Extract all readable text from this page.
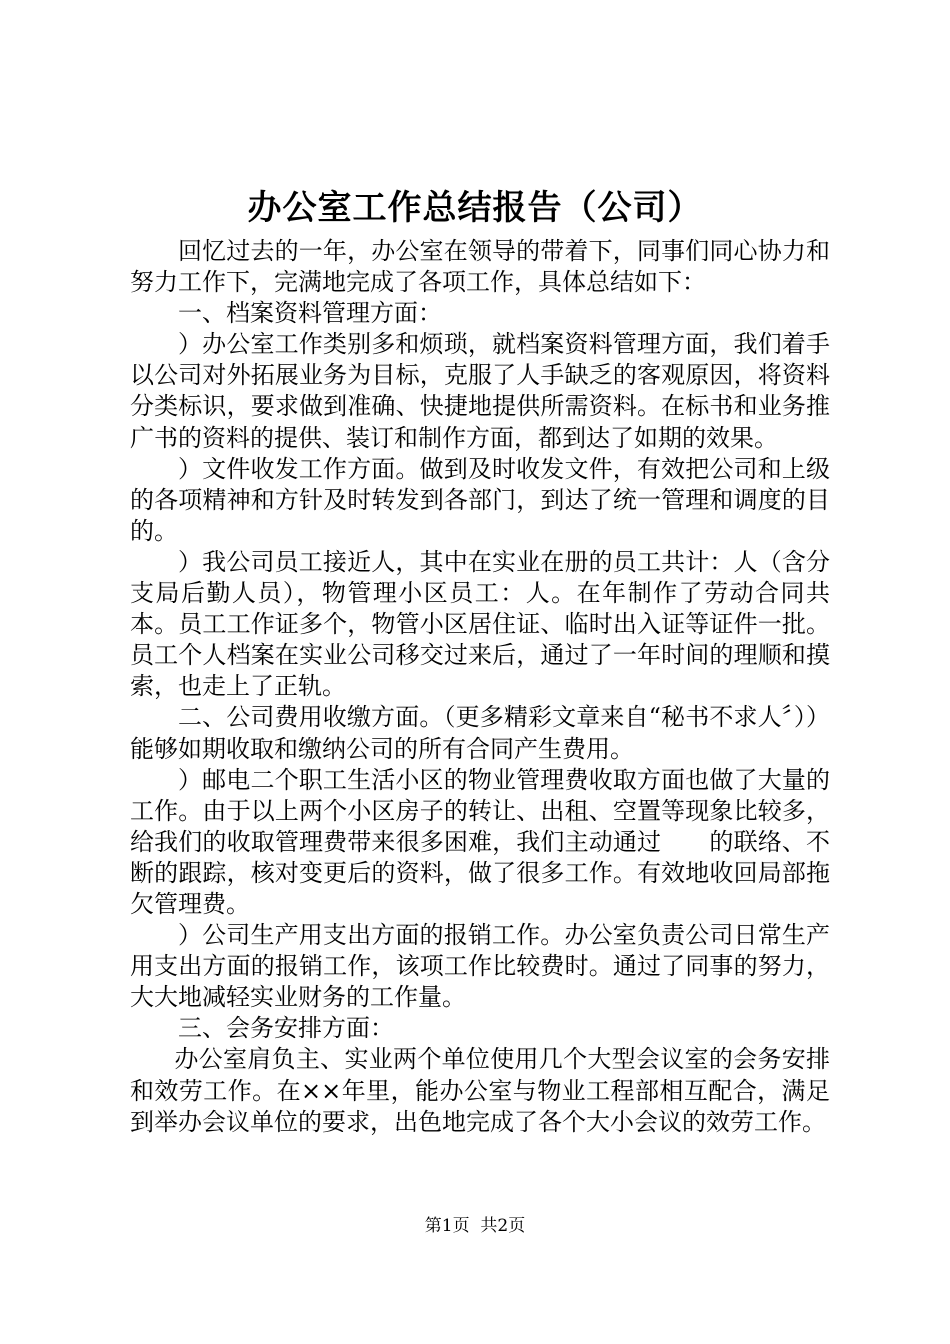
办公室工作总结报告（公司）

回忆过去的一年，办公室在领导的带着下，同事们同心协力和努力工作下，完满地完成了各项工作，具体总结如下：

一、档案资料管理方面：

）办公室工作类别多和烦琐，就档案资料管理方面，我们着手以公司对外拓展业务为目标，克服了人手缺乏的客观原因，将资料分类标识，要求做到准确、快捷地提供所需资料。在标书和业务推广书的资料的提供、装订和制作方面，都到达了如期的效果。

）文件收发工作方面。做到及时收发文件，有效把公司和上级的各项精神和方针及时转发到各部门，到达了统一管理和调度的目的。

）我公司员工接近人，其中在实业在册的员工共计：人（含分支局后勤人员），物管理小区员工：人。在年制作了劳动合同共本。员工工作证多个，物管小区居住证、临时出入证等证件一批。员工个人档案在实业公司移交过来后，通过了一年时间的理顺和摸索，也走上了正轨。

二、公司费用收缴方面。（更多精彩文章来自“秘书不求人〞））能够如期收取和缴纳公司的所有合同产生费用。

）邮电二个职工生活小区的物业管理费收取方面也做了大量的工作。由于以上两个小区房子的转让、出租、空置等现象比较多，给我们的收取管理费带来很多困难，我们主动通过　　的联络、不断的跟踪，核对变更后的资料，做了很多工作。有效地收回局部拖欠管理费。

）公司生产用支出方面的报销工作。办公室负责公司日常生产用支出方面的报销工作，该项工作比较费时。通过了同事的努力，大大地减轻实业财务的工作量。

三、会务安排方面：

办公室肩负主、实业两个单位使用几个大型会议室的会务安排和效劳工作。在××年里，能办公室与物业工程部相互配合，满足到举办会议单位的要求，出色地完成了各个大小会议的效劳工作。

第1页  共2页
